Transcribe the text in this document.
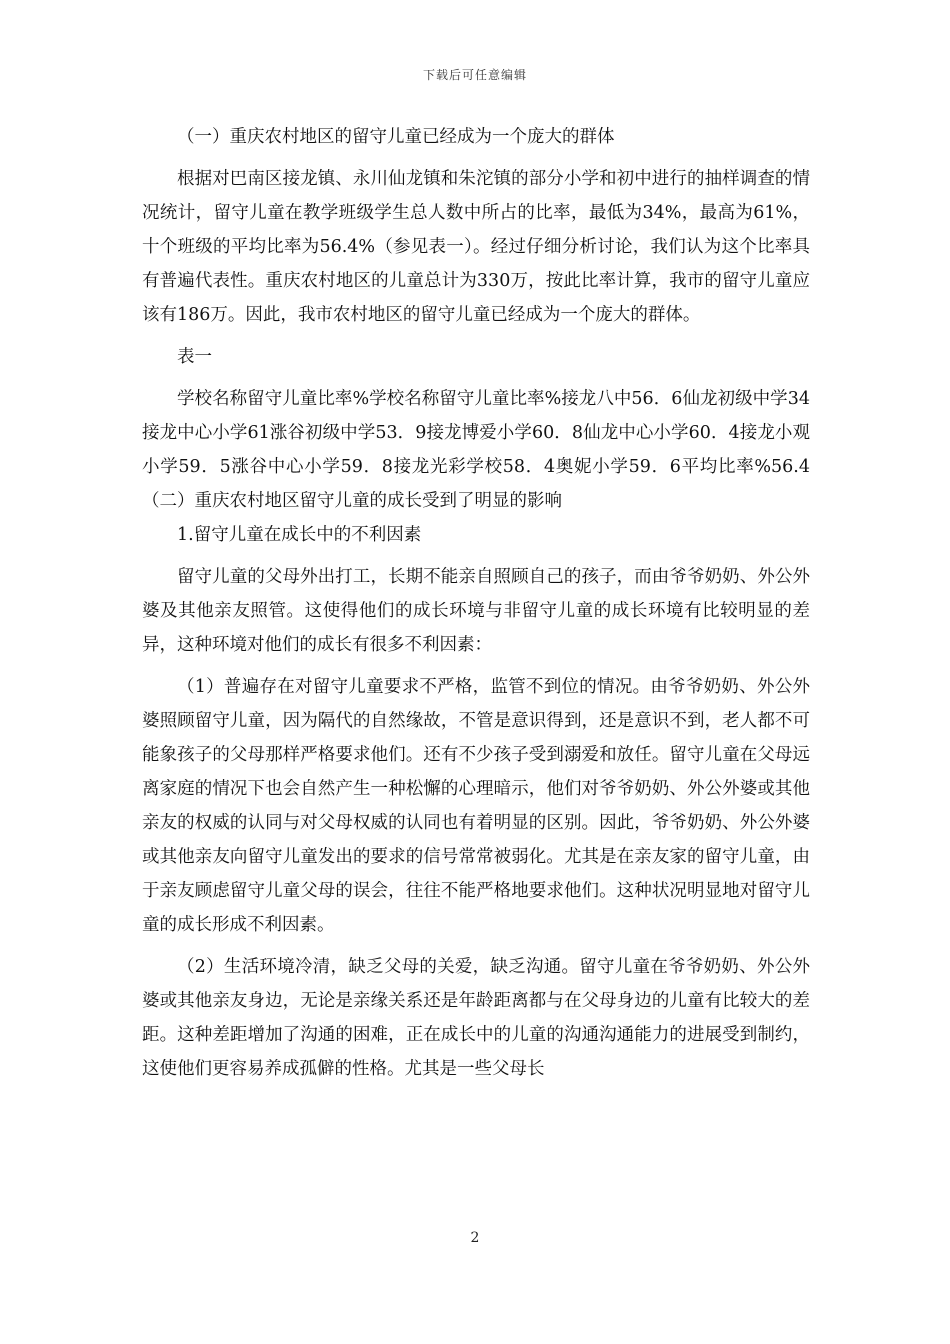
下载后可任意编辑

（一）重庆农村地区的留守儿童已经成为一个庞大的群体

根据对巴南区接龙镇、永川仙龙镇和朱沱镇的部分小学和初中进行的抽样调查的情况统计，留守儿童在教学班级学生总人数中所占的比率，最低为34%，最高为61%，十个班级的平均比率为56.4%（参见表一）。经过仔细分析讨论，我们认为这个比率具有普遍代表性。重庆农村地区的儿童总计为330万，按此比率计算，我市的留守儿童应该有186万。因此，我市农村地区的留守儿童已经成为一个庞大的群体。

表一

学校名称留守儿童比率%学校名称留守儿童比率%接龙八中56．6仙龙初级中学34接龙中心小学61涨谷初级中学53．9接龙博爱小学60．8仙龙中心小学60．4接龙小观小学59．5涨谷中心小学59．8接龙光彩学校58．4奥妮小学59．6平均比率%56.4（二）重庆农村地区留守儿童的成长受到了明显的影响

1.留守儿童在成长中的不利因素

留守儿童的父母外出打工，长期不能亲自照顾自己的孩子，而由爷爷奶奶、外公外婆及其他亲友照管。这使得他们的成长环境与非留守儿童的成长环境有比较明显的差异，这种环境对他们的成长有很多不利因素：

（1）普遍存在对留守儿童要求不严格，监管不到位的情况。由爷爷奶奶、外公外婆照顾留守儿童，因为隔代的自然缘故，不管是意识得到，还是意识不到，老人都不可能象孩子的父母那样严格要求他们。还有不少孩子受到溺爱和放任。留守儿童在父母远离家庭的情况下也会自然产生一种松懈的心理暗示，他们对爷爷奶奶、外公外婆或其他亲友的权威的认同与对父母权威的认同也有着明显的区别。因此，爷爷奶奶、外公外婆或其他亲友向留守儿童发出的要求的信号常常被弱化。尤其是在亲友家的留守儿童，由于亲友顾虑留守儿童父母的误会，往往不能严格地要求他们。这种状况明显地对留守儿童的成长形成不利因素。

（2）生活环境冷清，缺乏父母的关爱，缺乏沟通。留守儿童在爷爷奶奶、外公外婆或其他亲友身边，无论是亲缘关系还是年龄距离都与在父母身边的儿童有比较大的差距。这种差距增加了沟通的困难，正在成长中的儿童的沟通沟通能力的进展受到制约，这使他们更容易养成孤僻的性格。尤其是一些父母长

2
